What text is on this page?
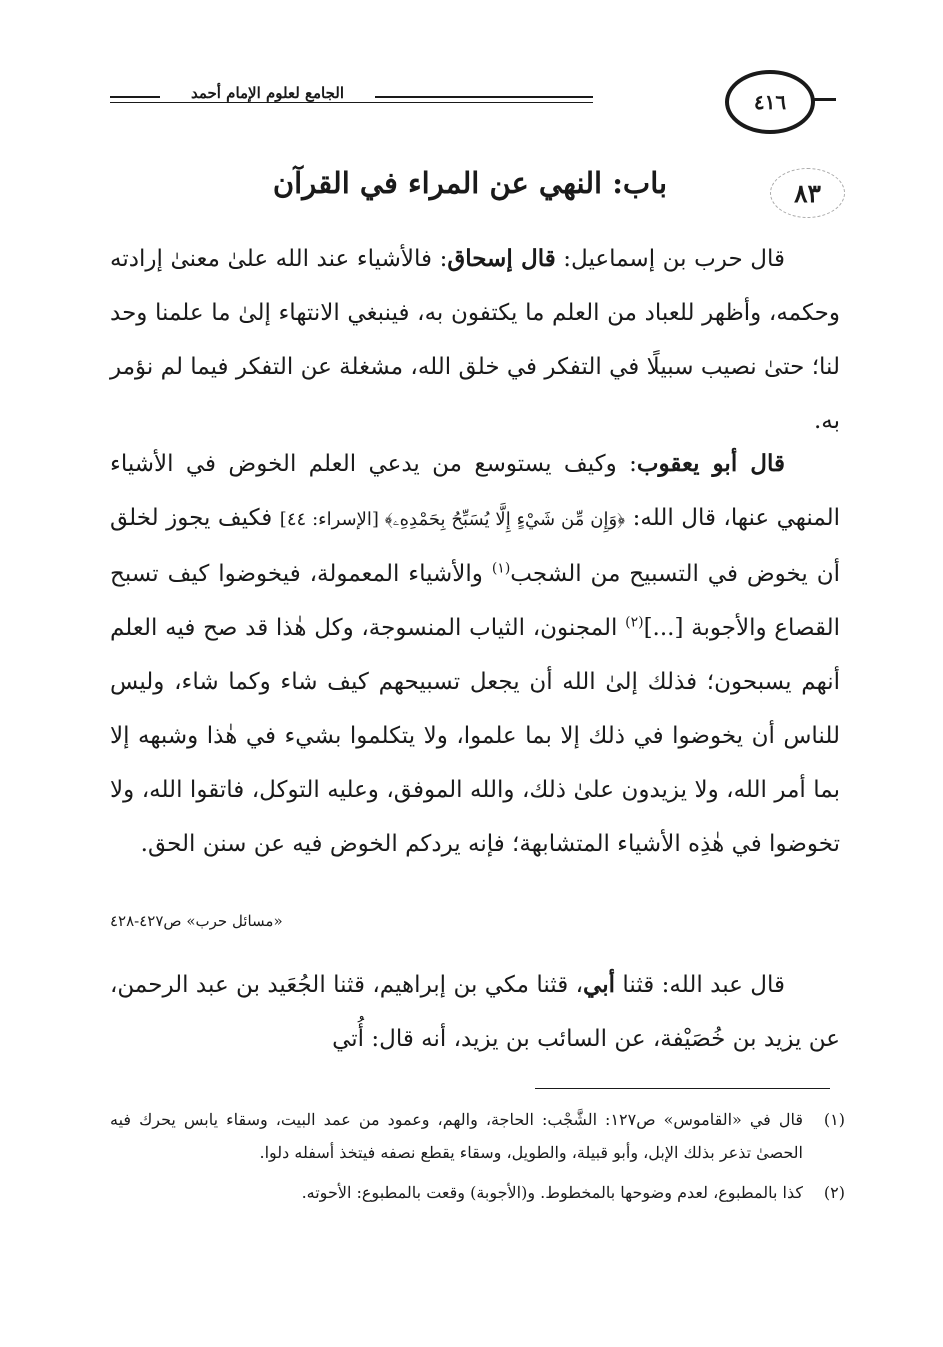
الجامع لعلوم الإمام أحمد	٤١٦
٨٣
باب: النهي عن المراء في القرآن

قال حرب بن إسماعيل: قال إسحاق: فالأشياء عند الله علىٰ معنىٰ إرادته وحكمه، وأظهر للعباد من العلم ما يكتفون به، فينبغي الانتهاء إلىٰ ما علمنا وحد لنا؛ حتىٰ نصيب سبيلًا في التفكر في خلق الله، مشغلة عن التفكر فيما لم نؤمر به.

قال أبو يعقوب: وكيف يستوسع من يدعي العلم الخوض في الأشياء المنهي عنها، قال الله: ﴿وَإِن مِّن شَيْءٍ إِلَّا يُسَبِّحُ بِحَمْدِهِۦ﴾ [الإسراء: ٤٤] فكيف يجوز لخلق أن يخوض في التسبيح من الشجب$^{(١)}$ والأشياء المعمولة، فيخوضوا كيف تسبح القصاع والأجوبة [...]$^{(٢)}$ المجنون، الثياب المنسوجة، وكل هٰذا قد صح فيه العلم أنهم يسبحون؛ فذلك إلىٰ الله أن يجعل تسبيحهم كيف شاء وكما شاء، وليس للناس أن يخوضوا في ذلك إلا بما علموا، ولا يتكلموا بشيء في هٰذا وشبهه إلا بما أمر الله، ولا يزيدون علىٰ ذلك، والله الموفق، وعليه التوكل، فاتقوا الله، ولا تخوضوا في هٰذِه الأشياء المتشابهة؛ فإنه يردكم الخوض فيه عن سنن الحق.

«مسائل حرب» ص٤٢٧-٤٢٨

قال عبد الله: قثنا أبي، قثنا مكي بن إبراهيم، قثنا الجُعَيد بن عبد الرحمن، عن يزيد بن خُصَيْفة، عن السائب بن يزيد، أنه قال: أُتي

(١)
قال في «القاموس» ص١٢٧: الشَّجْب: الحاجة، والهم، وعمود من عمد البيت، وسقاء يابس يحرك فيه الحصىٰ تذعر بذلك الإبل، وأبو قبيلة، والطويل، وسقاء يقطع نصفه فيتخذ أسفله دلوا.
(٢)
كذا بالمطبوع، لعدم وضوحها بالمخطوط. و(الأجوبة) وقعت بالمطبوع: الأحوته.
